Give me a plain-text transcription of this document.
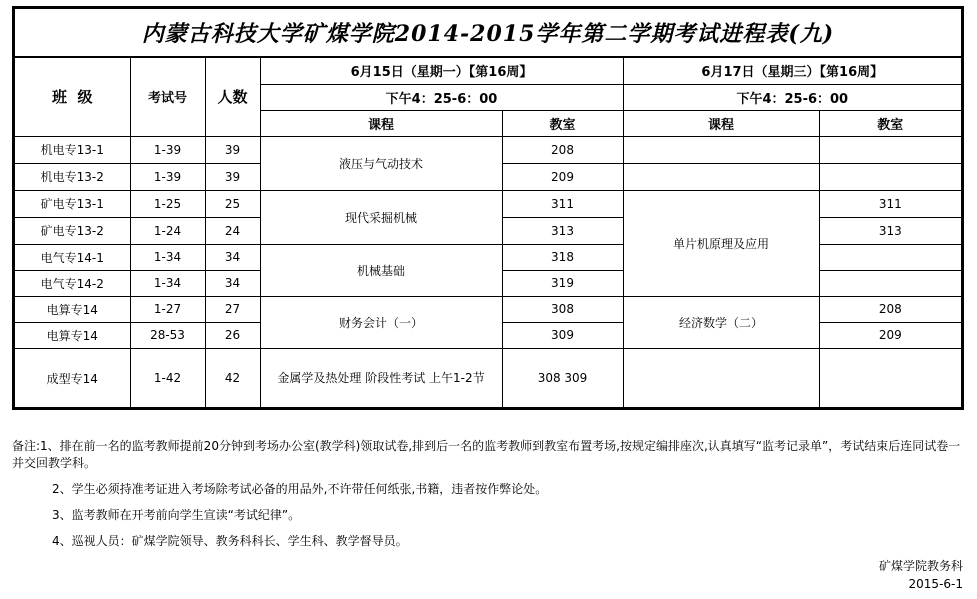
内蒙古科技大学矿煤学院2014-2015学年第二学期考试进程表(九)
班  级	考试号	人数	6月15日（星期一）【第16周】		6月17日（星期三）【第16周】	
			下午4：25-6：00		下午4：25-6：00	
			课程	教室	课程	教室
机电专13-1	1-39	39	液压与气动技术	208		
机电专13-2	1-39	39		209		
矿电专13-1	1-25	25	现代采掘机械	311	单片机原理及应用	311
矿电专13-2	1-24	24		313		313
电气专14-1	1-34	34	机械基础	318		
电气专14-2	1-34	34		319		
电算专14	1-27	27	财务会计（一）	308	经济数学（二）	208
电算专14	28-53	26		309		209
成型专14	1-42	42	金属学及热处理 阶段性考试 上午1-2节	308 309		

备注:1、排在前一名的监考教师提前20分钟到考场办公室(教学科)领取试卷,排到后一名的监考教师到教室布置考场,按规定编排座次,认真填写“监考记录单”，考试结束后连同试卷一并交回教学科。

2、学生必须持准考证进入考场除考试必备的用品外,不许带任何纸张,书籍，违者按作弊论处。

3、监考教师在开考前向学生宣读“考试纪律”。

4、巡视人员：矿煤学院领导、教务科科长、学生科、教学督导员。

矿煤学院教务科
2015-6-1
